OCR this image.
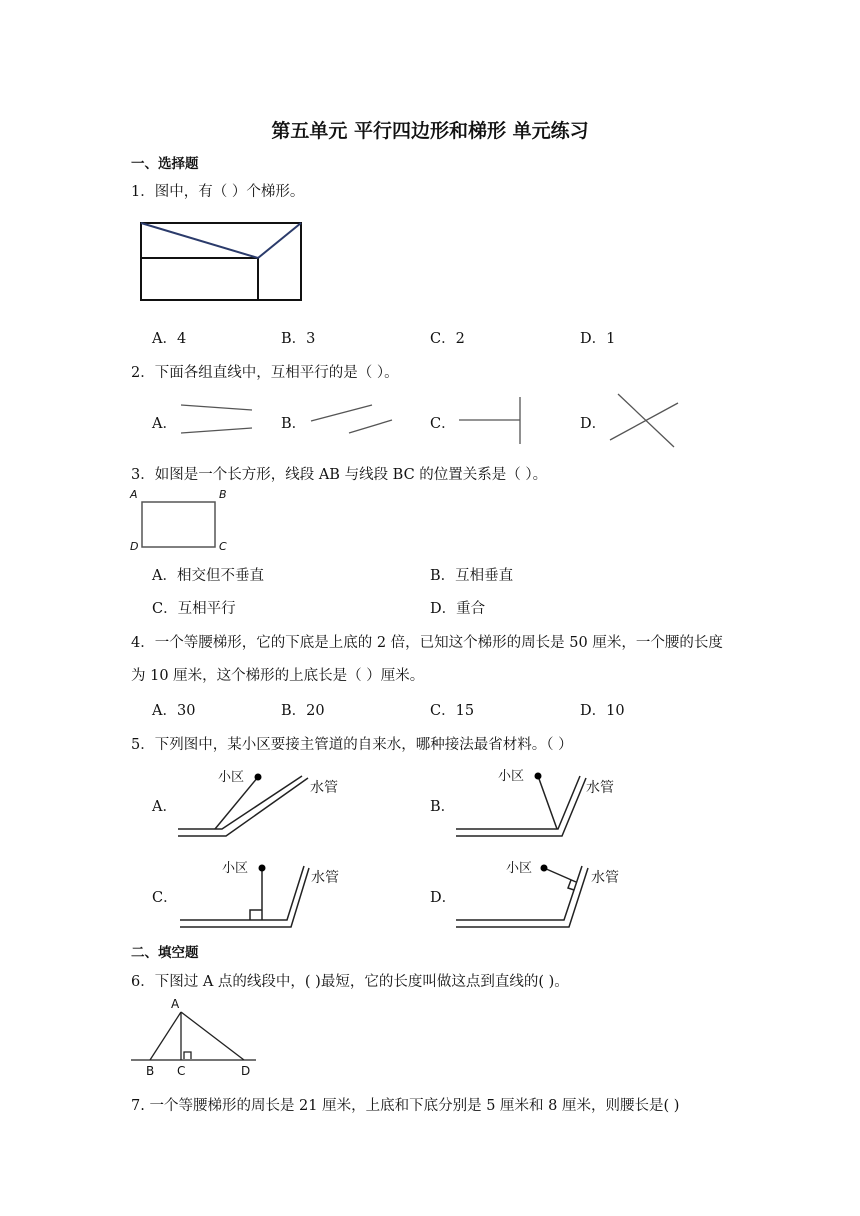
第五单元 平行四边形和梯形 单元练习
一、选择题
1．图中，有（ ）个梯形。
A．4	B．3	C．2	D．1
2．下面各组直线中，互相平行的是（ ）。
A．	B．	C．	D．
3．如图是一个长方形，线段 AB 与线段 BC 的位置关系是（ ）。
A	B
D	C
A．相交但不垂直	B．互相垂直
C．互相平行	D．重合
4．一个等腰梯形，它的下底是上底的 2 倍，已知这个梯形的周长是 50 厘米，一个腰的长度
为 10 厘米，这个梯形的上底长是（ ）厘米。
A．30	B．20	C．15	D．10
5．下列图中，某小区要接主管道的自来水，哪种接法最省材料。（ ）
A．	B．
C．	D．
小区
水管
小区
水管
小区
水管
小区
水管
二、填空题
6．下图过 A 点的线段中，( )最短，它的长度叫做这点到直线的( )。
A
B C	D
7. 一个等腰梯形的周长是 21 厘米，上底和下底分别是 5 厘米和 8 厘米，则腰长是( )
